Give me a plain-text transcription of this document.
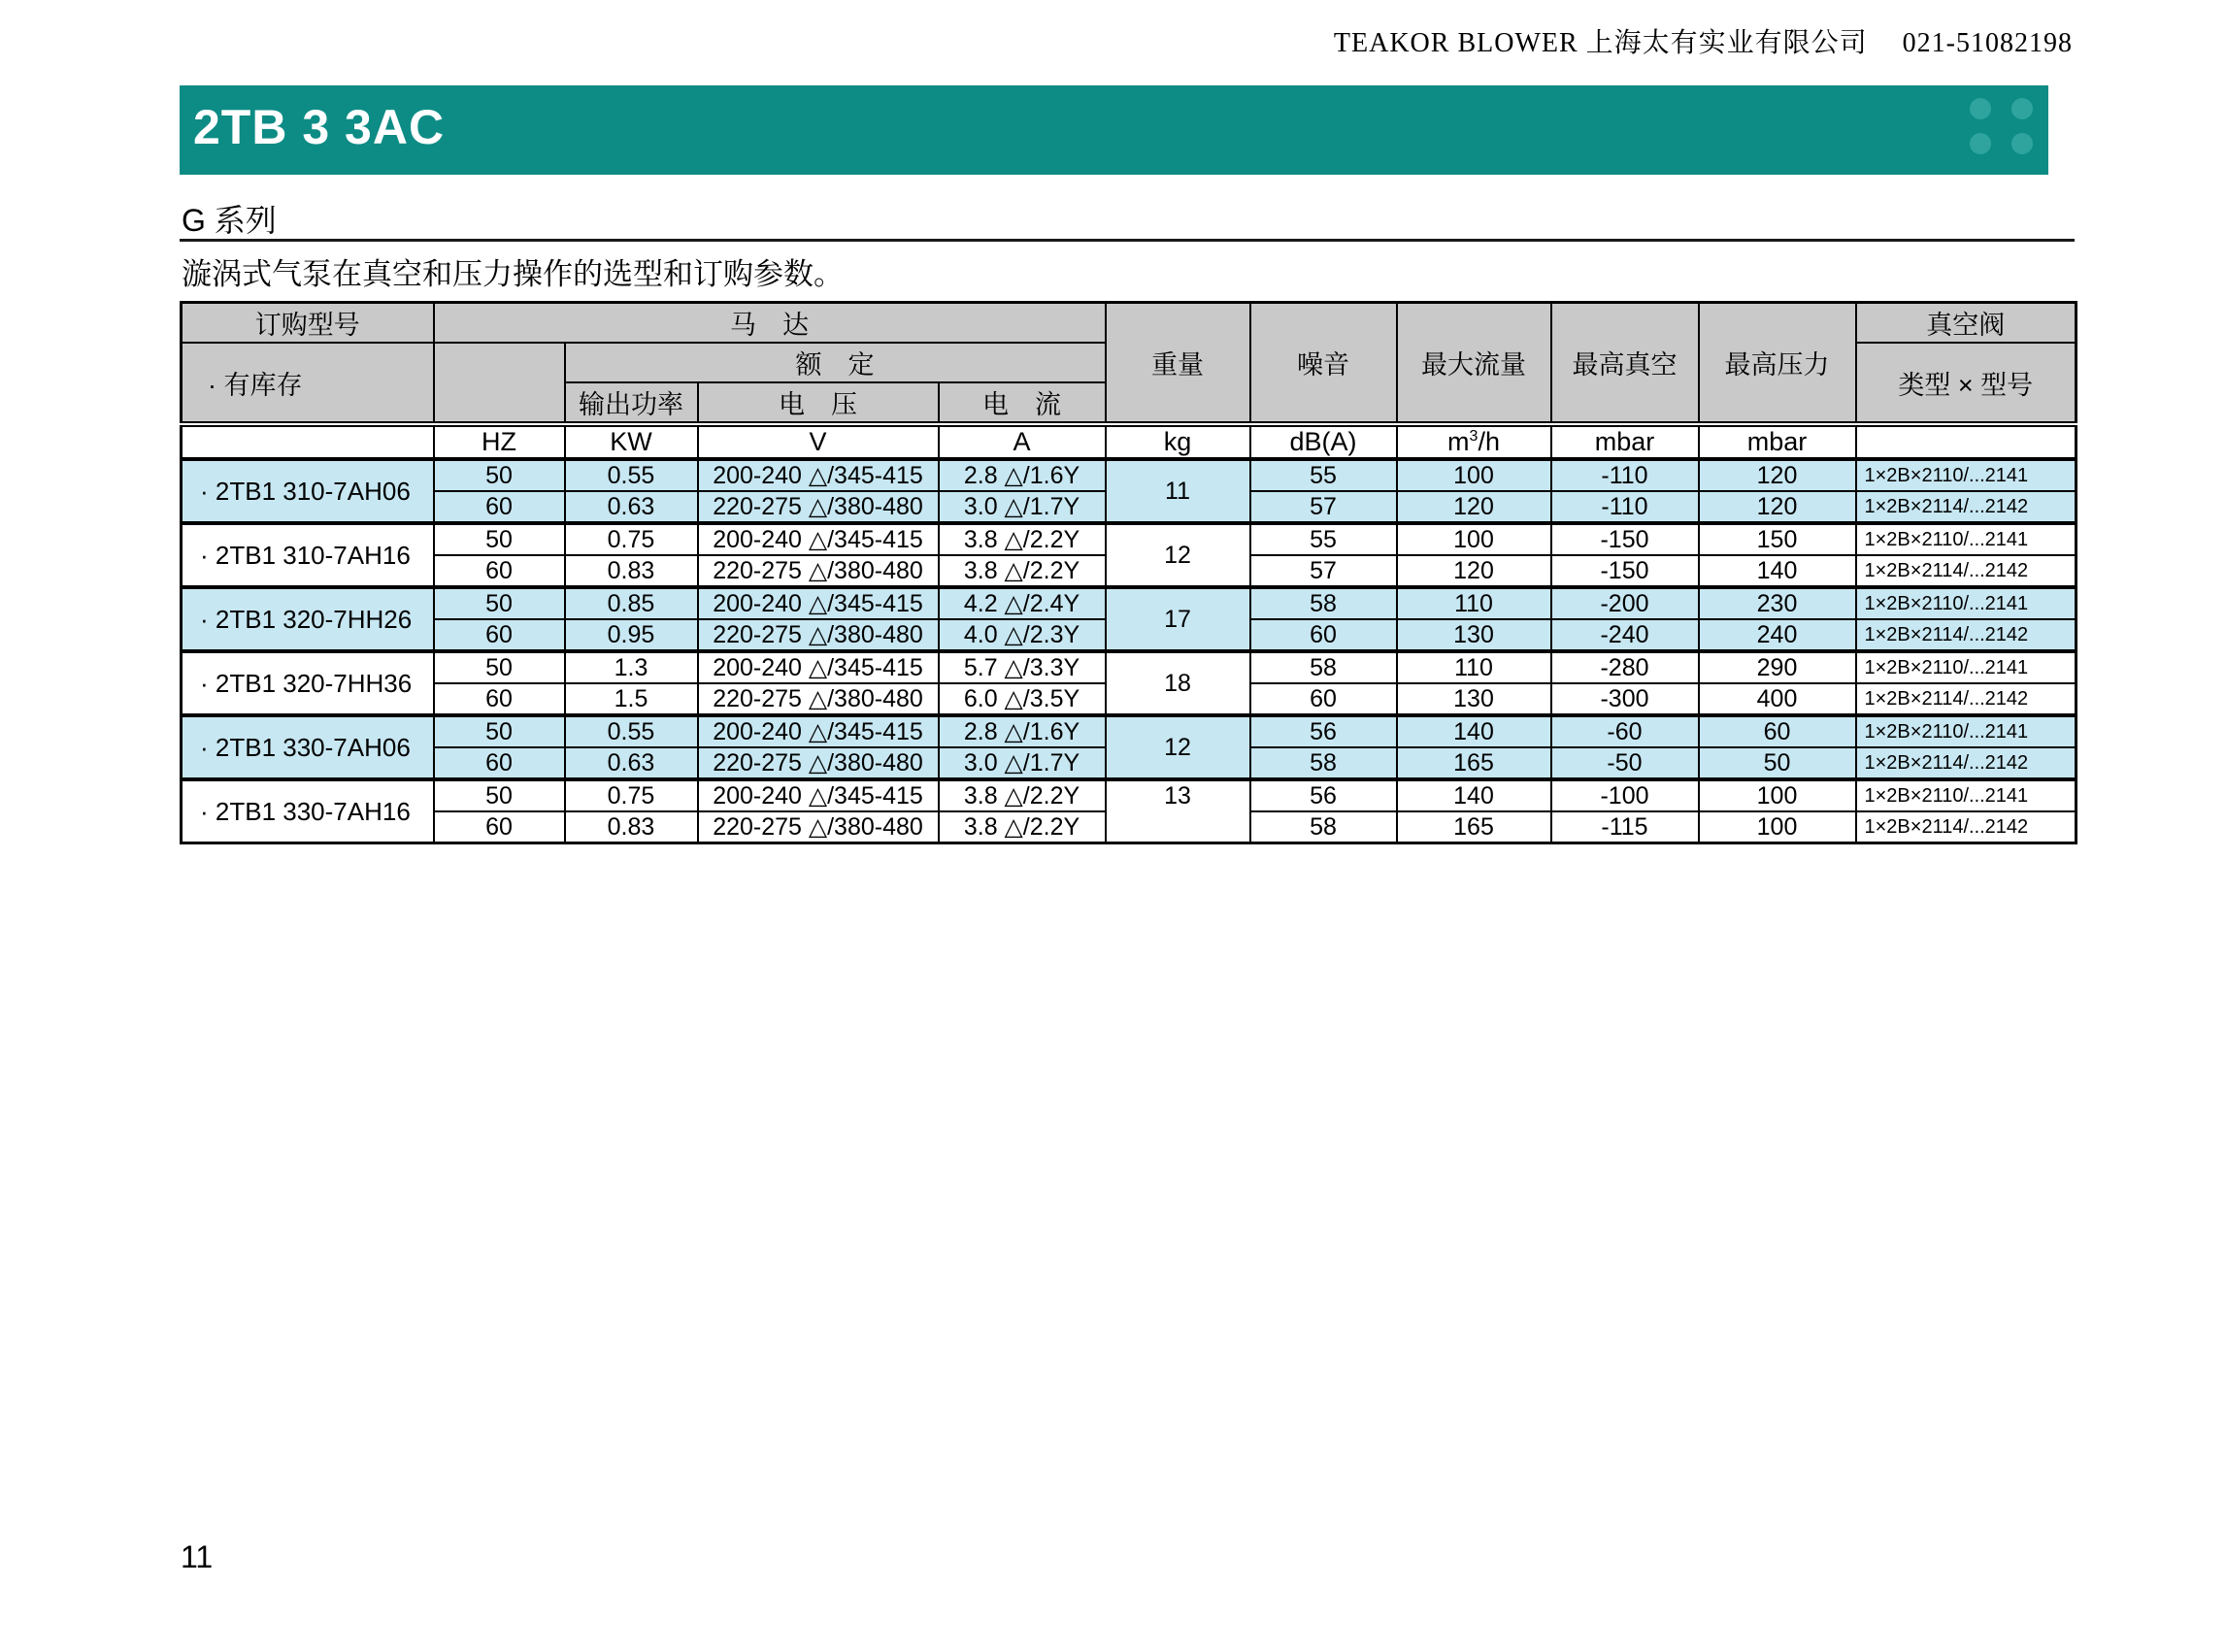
TEAKOR BLOWER 上海太有实业有限公司 021-51082198
2TB 3 3AC
G 系列
漩涡式气泵在真空和压力操作的选型和订购参数。
订购型号	马　达				重量	噪音	最大流量	最高真空	最高压力	真空阀
· 有库存		额　定								类型 × 型号
		输出功率	电　压	电　流						
	HZ	KW	V	A	kg	dB(A)	$m^3/h$	mbar	mbar	
· 2TB1 310-7AH06	50	0.55	200-240 △/345-415	2.8 △/1.6Y	11	55	100	-110	120	1×2B×2110/...2141
	60	0.63	220-275 △/380-480	3.0 △/1.7Y		57	120	-110	120	1×2B×2114/...2142
· 2TB1 310-7AH16	50	0.75	200-240 △/345-415	3.8 △/2.2Y	12	55	100	-150	150	1×2B×2110/...2141
	60	0.83	220-275 △/380-480	3.8 △/2.2Y		57	120	-150	140	1×2B×2114/...2142
· 2TB1 320-7HH26	50	0.85	200-240 △/345-415	4.2 △/2.4Y	17	58	110	-200	230	1×2B×2110/...2141
	60	0.95	220-275 △/380-480	4.0 △/2.3Y		60	130	-240	240	1×2B×2114/...2142
· 2TB1 320-7HH36	50	1.3	200-240 △/345-415	5.7 △/3.3Y	18	58	110	-280	290	1×2B×2110/...2141
	60	1.5	220-275 △/380-480	6.0 △/3.5Y		60	130	-300	400	1×2B×2114/...2142
· 2TB1 330-7AH06	50	0.55	200-240 △/345-415	2.8 △/1.6Y	12	56	140	-60	60	1×2B×2110/...2141
	60	0.63	220-275 △/380-480	3.0 △/1.7Y		58	165	-50	50	1×2B×2114/...2142
· 2TB1 330-7AH16	50	0.75	200-240 △/345-415	3.8 △/2.2Y	13	56	140	-100	100	1×2B×2110/...2141
	60	0.83	220-275 △/380-480	3.8 △/2.2Y		58	165	-115	100	1×2B×2114/...2142
11
